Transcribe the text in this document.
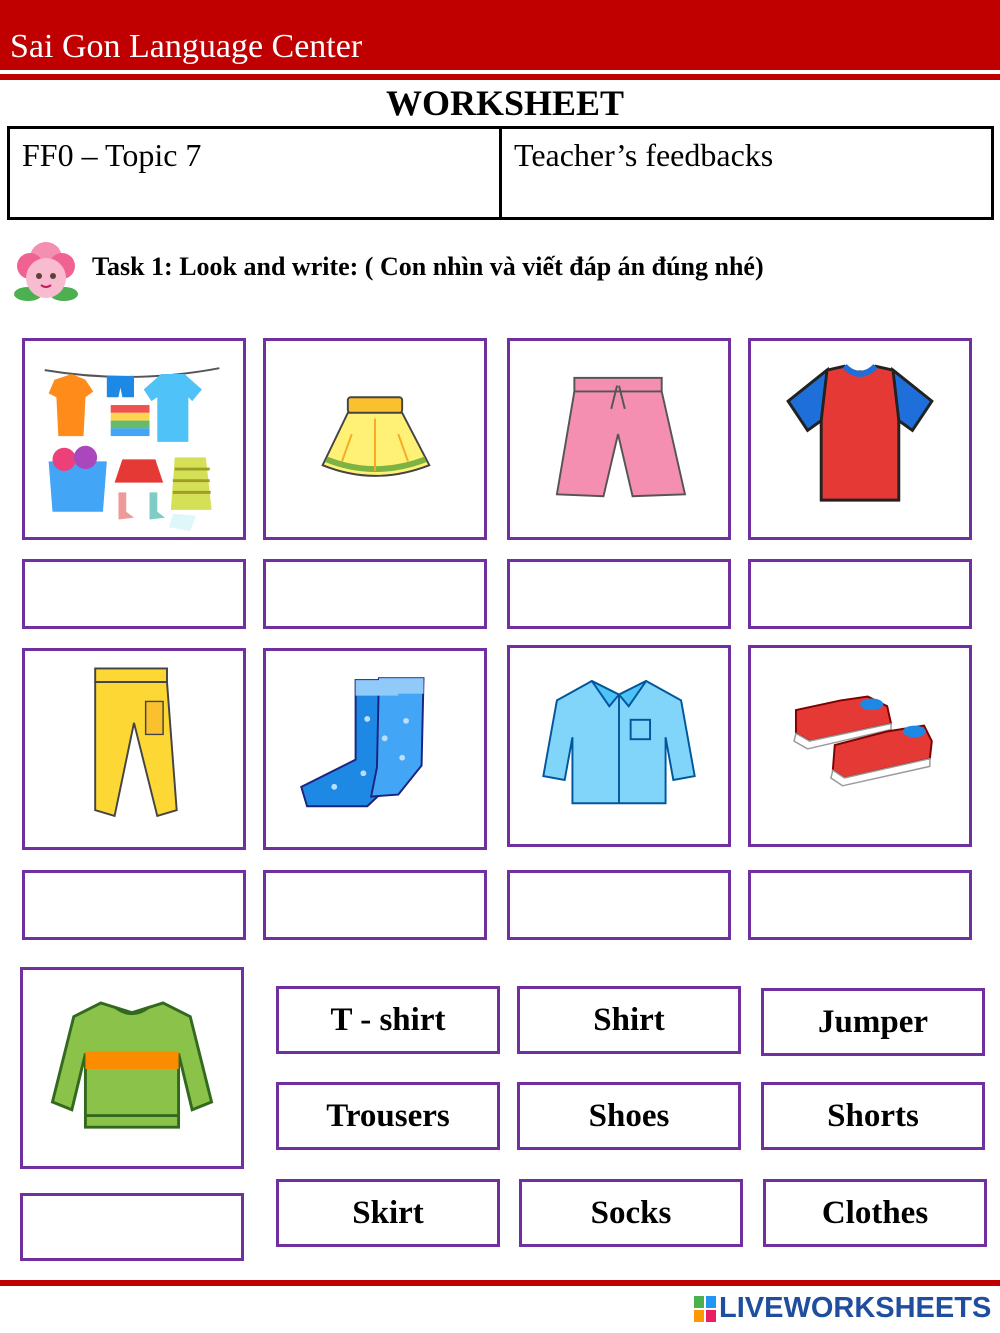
Sai Gon Language Center
WORKSHEET
FF0 – Topic 7	Teacher’s feedbacks
Task 1: Look and write: ( Con nhìn và viết đáp án đúng nhé)
T - shirt	Shirt	Jumper
Trousers	Shoes	Shorts
Skirt	Socks	Clothes
LIVEWORKSHEETS
